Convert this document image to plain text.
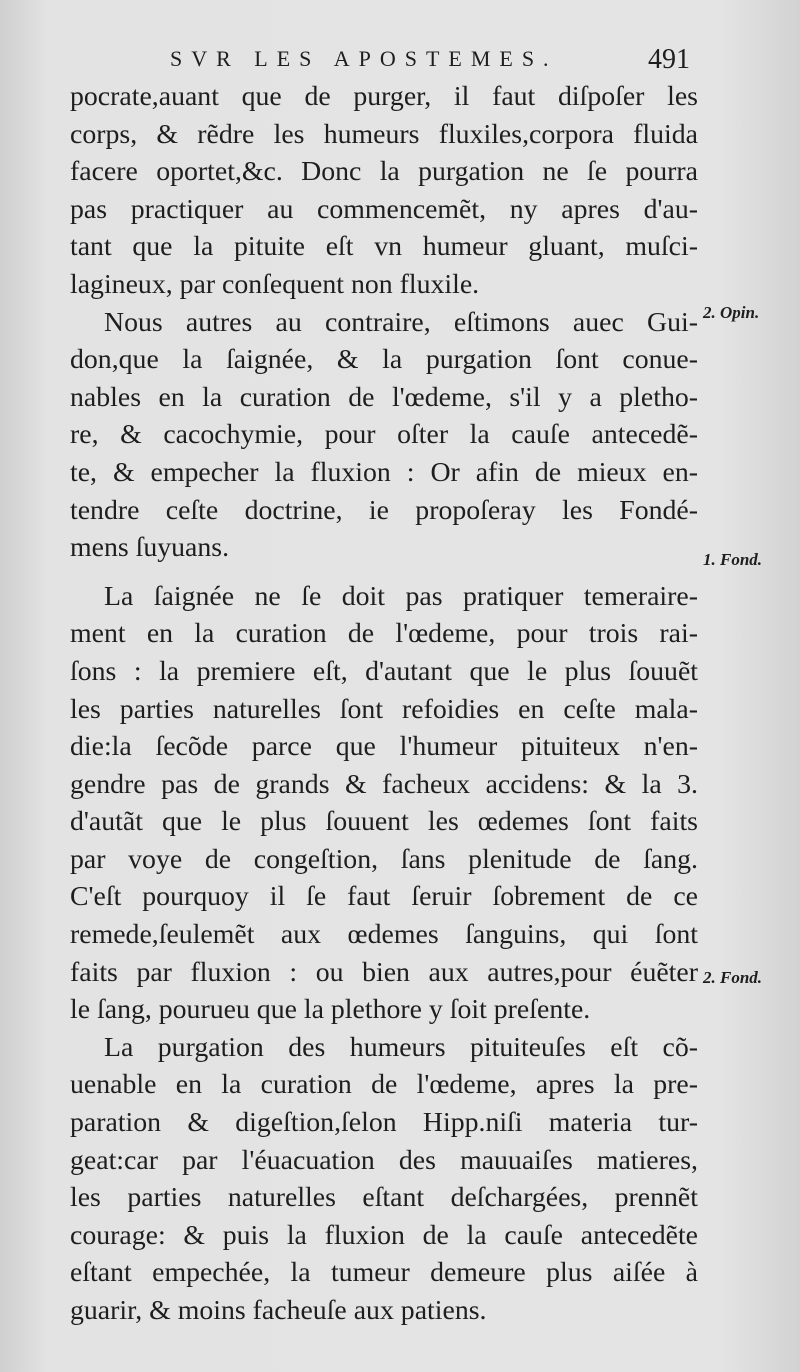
SVR LES APOSTEMES.	491
pocrate,auant que de purger, il faut diſpoſer les
corps, & rẽdre les humeurs fluxiles,corpora fluida
facere oportet,&c. Donc la purgation ne ſe pourra
pas practiquer au commencemẽt, ny apres d'au-
tant que la pituite eſt vn humeur gluant, muſci-
lagineux, par conſequent non fluxile.
Nous autres au contraire, eſtimons auec Gui-
don,que la ſaignée, & la purgation ſont conue-
nables en la curation de l'œdeme, s'il y a pletho-
re, & cacochymie, pour oſter la cauſe antecedẽ-
te, & empecher la fluxion : Or afin de mieux en-
tendre ceſte doctrine, ie propoſeray les Fondé-
mens ſuyuans.
La ſaignée ne ſe doit pas pratiquer temeraire-
ment en la curation de l'œdeme, pour trois rai-
ſons : la premiere eſt, d'autant que le plus ſouuẽt
les parties naturelles ſont refoidies en ceſte mala-
die:la ſecõde parce que l'humeur pituiteux n'en-
gendre pas de grands & facheux accidens: & la 3.
d'autãt que le plus ſouuent les œdemes ſont faits
par voye de congeſtion, ſans plenitude de ſang.
C'eſt pourquoy il ſe faut ſeruir ſobrement de ce
remede,ſeulemẽt aux œdemes ſanguins, qui ſont
faits par fluxion : ou bien aux autres,pour éuẽter
le ſang, pourueu que la plethore y ſoit preſente.
La purgation des humeurs pituiteuſes eſt cõ-
uenable en la curation de l'œdeme, apres la pre-
paration & digeſtion,ſelon Hipp.niſi materia tur-
geat:car par l'éuacuation des mauuaiſes matieres,
les parties naturelles eſtant deſchargées, prennẽt
courage: & puis la fluxion de la cauſe antecedẽte
eſtant empechée, la tumeur demeure plus aiſée à
guarir, & moins facheuſe aux patiens.
2. Opin.
1. Fond.
2. Fond.
